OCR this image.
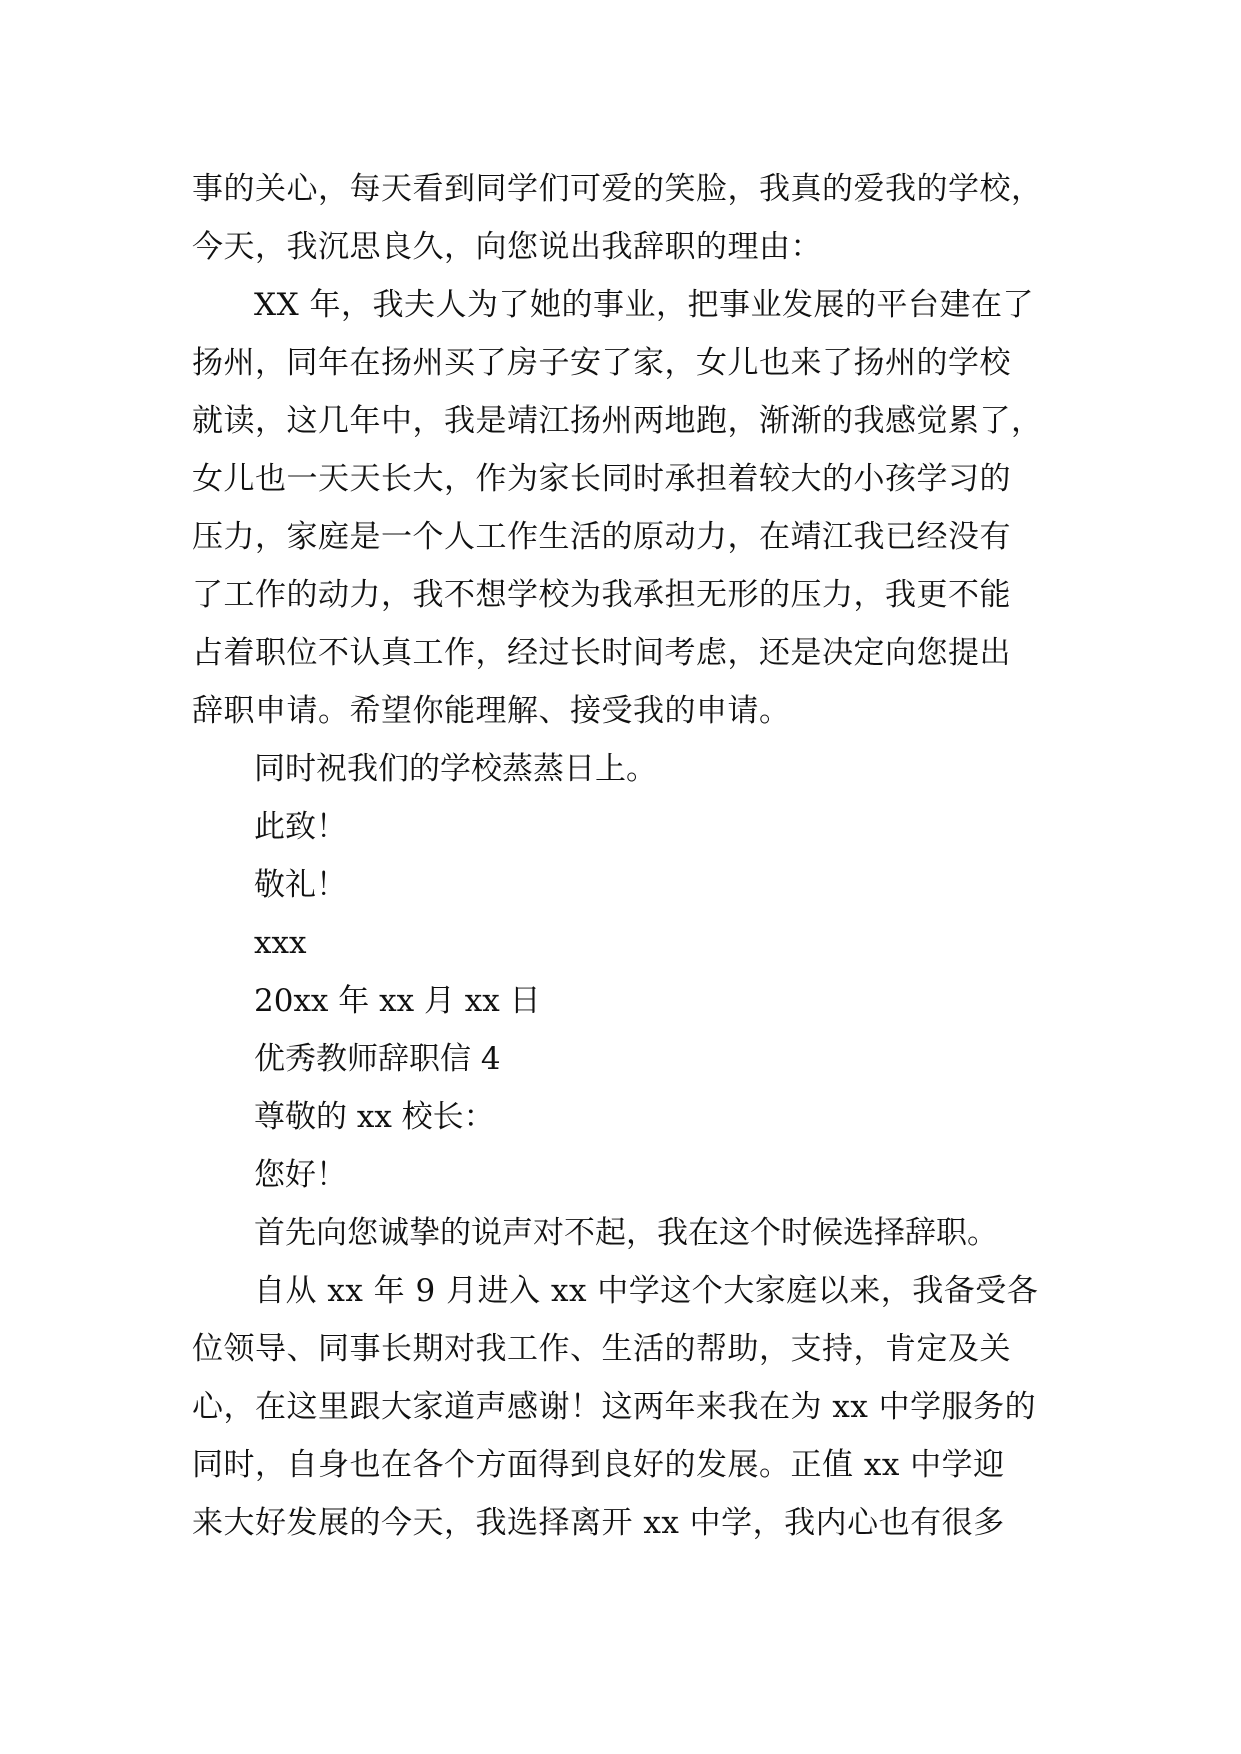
事的关心，每天看到同学们可爱的笑脸，我真的爱我的学校，
今天，我沉思良久，向您说出我辞职的理由：
XX 年，我夫人为了她的事业，把事业发展的平台建在了
扬州，同年在扬州买了房子安了家，女儿也来了扬州的学校
就读，这几年中，我是靖江扬州两地跑，渐渐的我感觉累了，
女儿也一天天长大，作为家长同时承担着较大的小孩学习的
压力，家庭是一个人工作生活的原动力，在靖江我已经没有
了工作的动力，我不想学校为我承担无形的压力，我更不能
占着职位不认真工作，经过长时间考虑，还是决定向您提出
辞职申请。希望你能理解、接受我的申请。

同时祝我们的学校蒸蒸日上。

此致！

敬礼！

xxx

20xx 年 xx 月 xx 日

优秀教师辞职信 4

尊敬的 xx 校长：

您好！

首先向您诚挚的说声对不起，我在这个时候选择辞职。

自从 xx 年 9 月进入 xx 中学这个大家庭以来，我备受各
位领导、同事长期对我工作、生活的帮助，支持，肯定及关
心，在这里跟大家道声感谢！这两年来我在为 xx 中学服务的
同时，自身也在各个方面得到良好的发展。正值 xx 中学迎
来大好发展的今天，我选择离开 xx 中学，我内心也有很多
